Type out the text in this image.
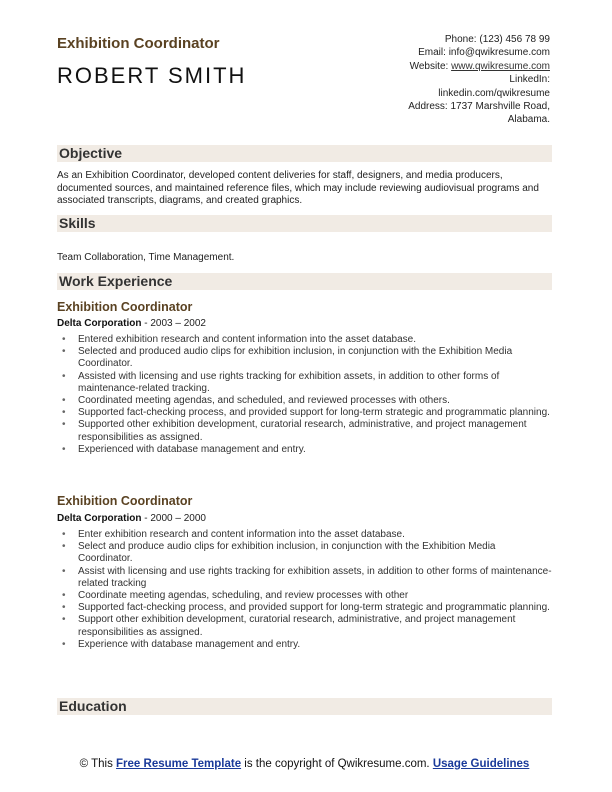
Exhibition Coordinator
ROBERT SMITH
Phone: (123) 456 78 99
Email: info@qwikresume.com
Website: www.qwikresume.com
LinkedIn:
linkedin.com/qwikresume
Address: 1737 Marshville Road,
Alabama.
Objective
As an Exhibition Coordinator, developed content deliveries for staff, designers, and media producers, documented sources, and maintained reference files, which may include reviewing audiovisual programs and associated transcripts, diagrams, and created graphics.
Skills
Team Collaboration, Time Management.
Work Experience
Exhibition Coordinator
Delta Corporation - 2003 – 2002
• Entered exhibition research and content information into the asset database.
• Selected and produced audio clips for exhibition inclusion, in conjunction with the Exhibition Media Coordinator.
• Assisted with licensing and use rights tracking for exhibition assets, in addition to other forms of maintenance-related tracking.
• Coordinated meeting agendas, and scheduled, and reviewed processes with others.
• Supported fact-checking process, and provided support for long-term strategic and programmatic planning.
• Supported other exhibition development, curatorial research, administrative, and project management responsibilities as assigned.
• Experienced with database management and entry.
Exhibition Coordinator
Delta Corporation - 2000 – 2000
• Enter exhibition research and content information into the asset database.
• Select and produce audio clips for exhibition inclusion, in conjunction with the Exhibition Media Coordinator.
• Assist with licensing and use rights tracking for exhibition assets, in addition to other forms of maintenance-related tracking
• Coordinate meeting agendas, scheduling, and review processes with other
• Supported fact-checking process, and provided support for long-term strategic and programmatic planning.
• Support other exhibition development, curatorial research, administrative, and project management responsibilities as assigned.
• Experience with database management and entry.
Education
© This Free Resume Template is the copyright of Qwikresume.com. Usage Guidelines
